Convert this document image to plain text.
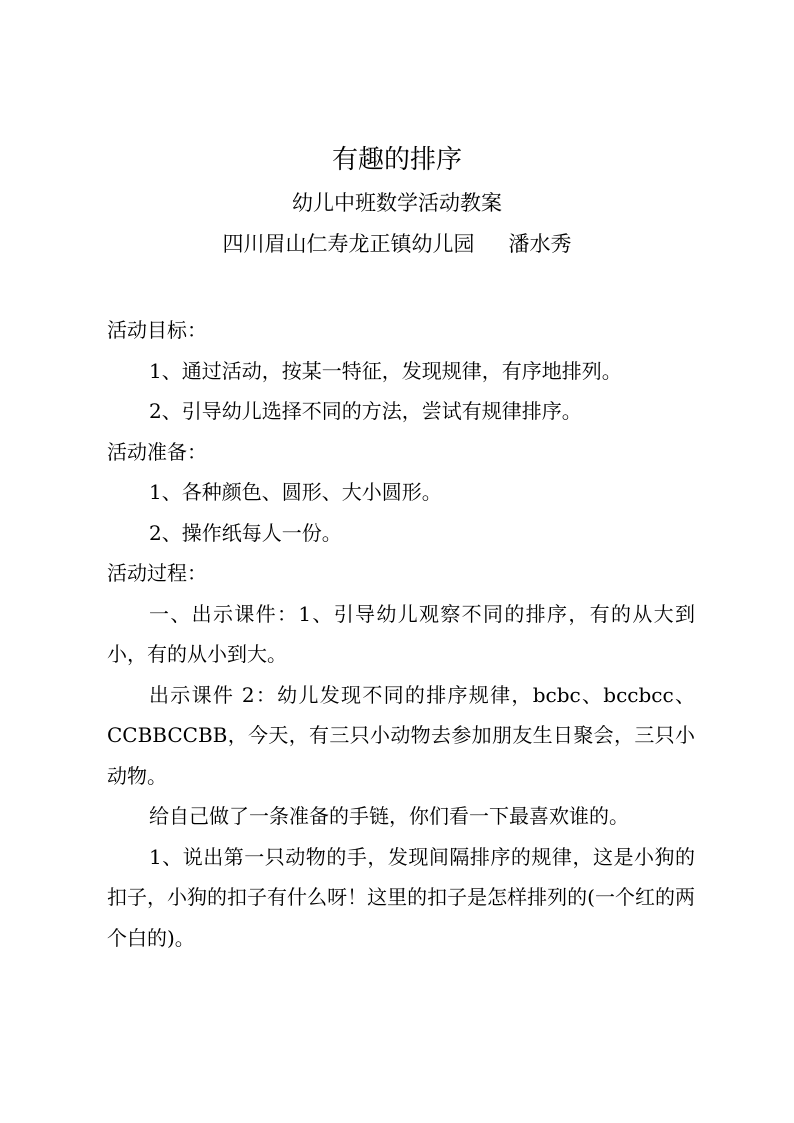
有趣的排序

幼儿中班数学活动教案

四川眉山仁寿龙正镇幼儿园 潘水秀

活动目标：

1、通过活动，按某一特征，发现规律，有序地排列。

2、引导幼儿选择不同的方法，尝试有规律排序。

活动准备：

1、各种颜色、圆形、大小圆形。

2、操作纸每人一份。

活动过程：

一、出示课件：1、引导幼儿观察不同的排序，有的从大到小，有的从小到大。

出示课件 2：幼儿发现不同的排序规律，bcbc、bccbcc、CCBBCCBB，今天，有三只小动物去参加朋友生日聚会，三只小动物。

给自己做了一条准备的手链，你们看一下最喜欢谁的。

1、说出第一只动物的手，发现间隔排序的规律，这是小狗的扣子，小狗的扣子有什么呀！这里的扣子是怎样排列的(一个红的两个白的)。
